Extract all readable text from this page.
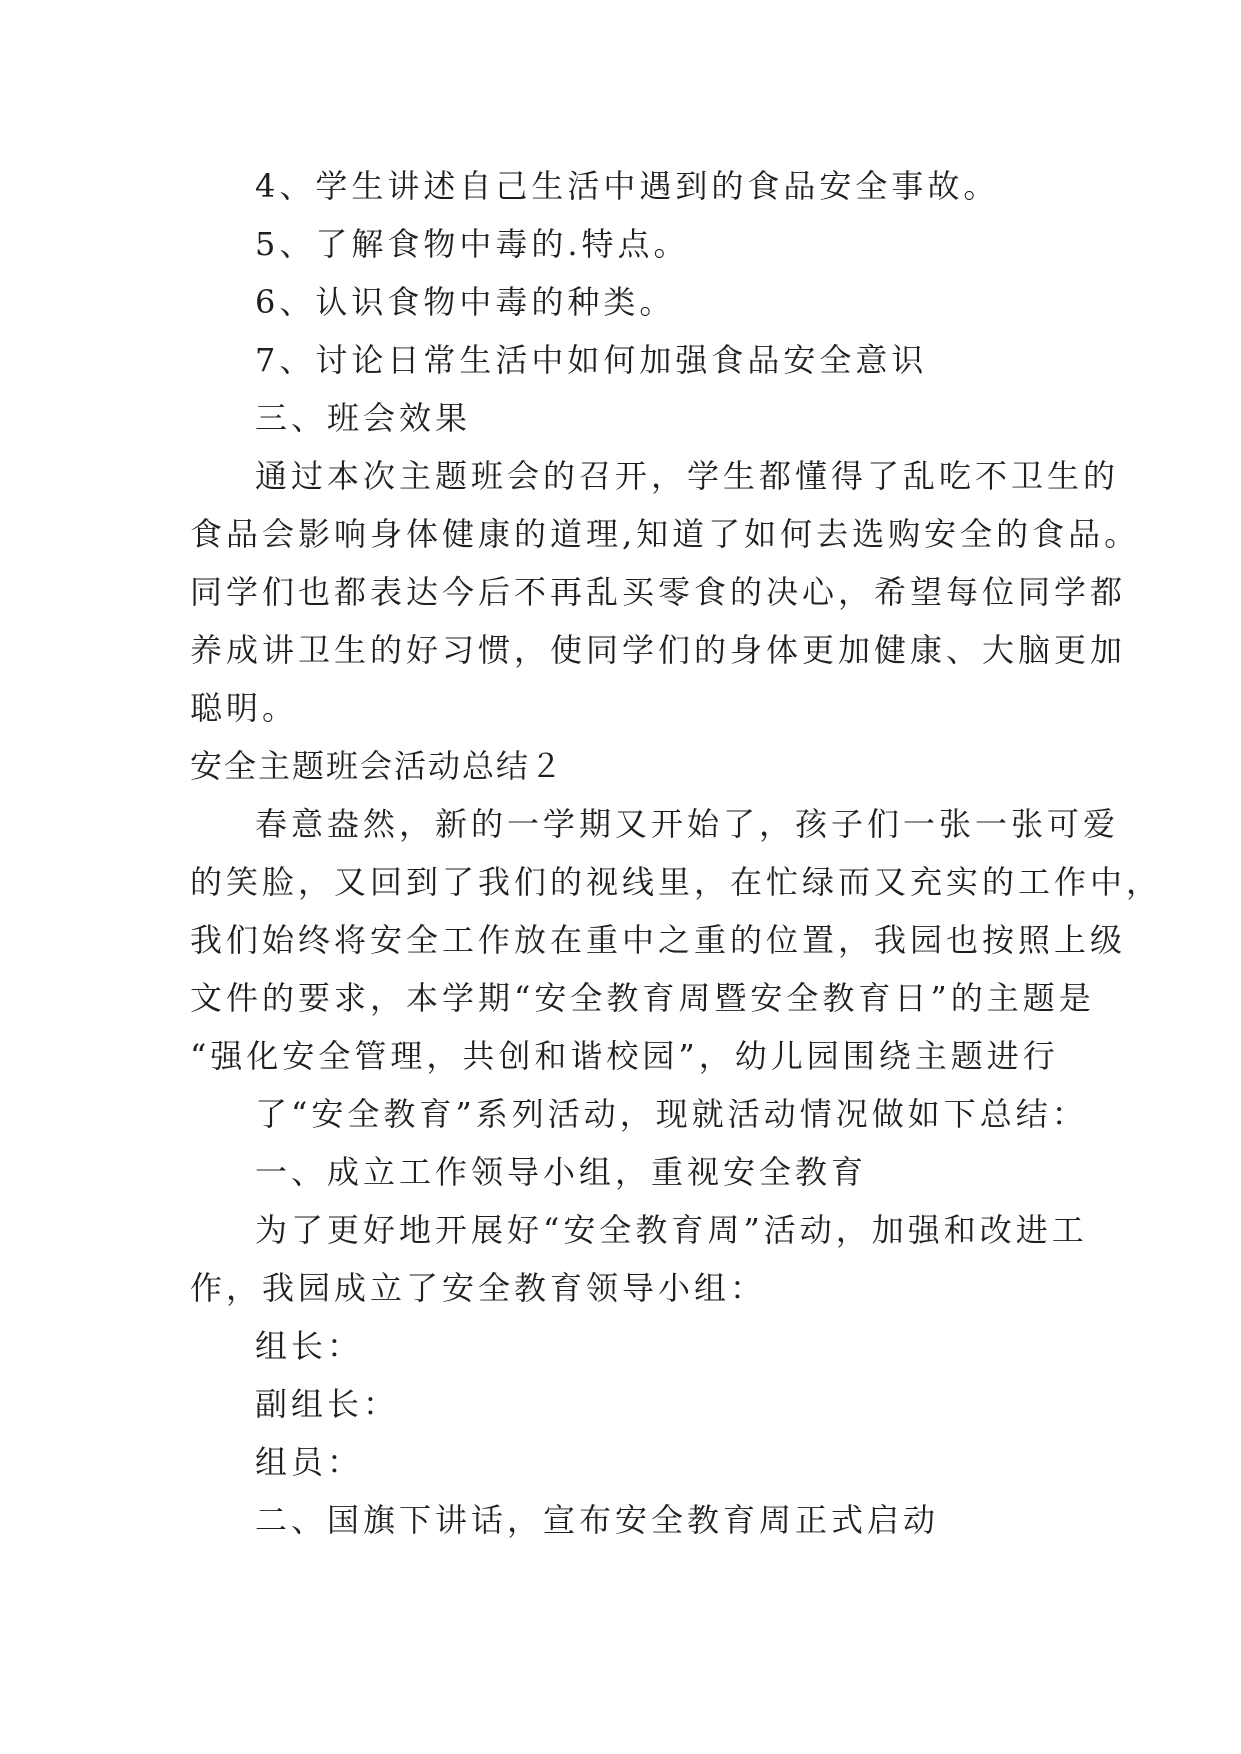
4、学生讲述自己生活中遇到的食品安全事故。
5、了解食物中毒的.特点。
6、认识食物中毒的种类。
7、讨论日常生活中如何加强食品安全意识
三、班会效果
通过本次主题班会的召开，学生都懂得了乱吃不卫生的
食品会影响身体健康的道理,知道了如何去选购安全的食品。
同学们也都表达今后不再乱买零食的决心，希望每位同学都
养成讲卫生的好习惯，使同学们的身体更加健康、大脑更加
聪明。
安全主题班会活动总结２
春意盎然，新的一学期又开始了，孩子们一张一张可爱
的笑脸，又回到了我们的视线里，在忙绿而又充实的工作中，
我们始终将安全工作放在重中之重的位置，我园也按照上级
文件的要求，本学期“安全教育周暨安全教育日”的主题是
“强化安全管理，共创和谐校园”，幼儿园围绕主题进行
了“安全教育”系列活动，现就活动情况做如下总结：
一、成立工作领导小组，重视安全教育
为了更好地开展好“安全教育周”活动，加强和改进工
作，我园成立了安全教育领导小组：
组长：
副组长：
组员：
二、国旗下讲话，宣布安全教育周正式启动
